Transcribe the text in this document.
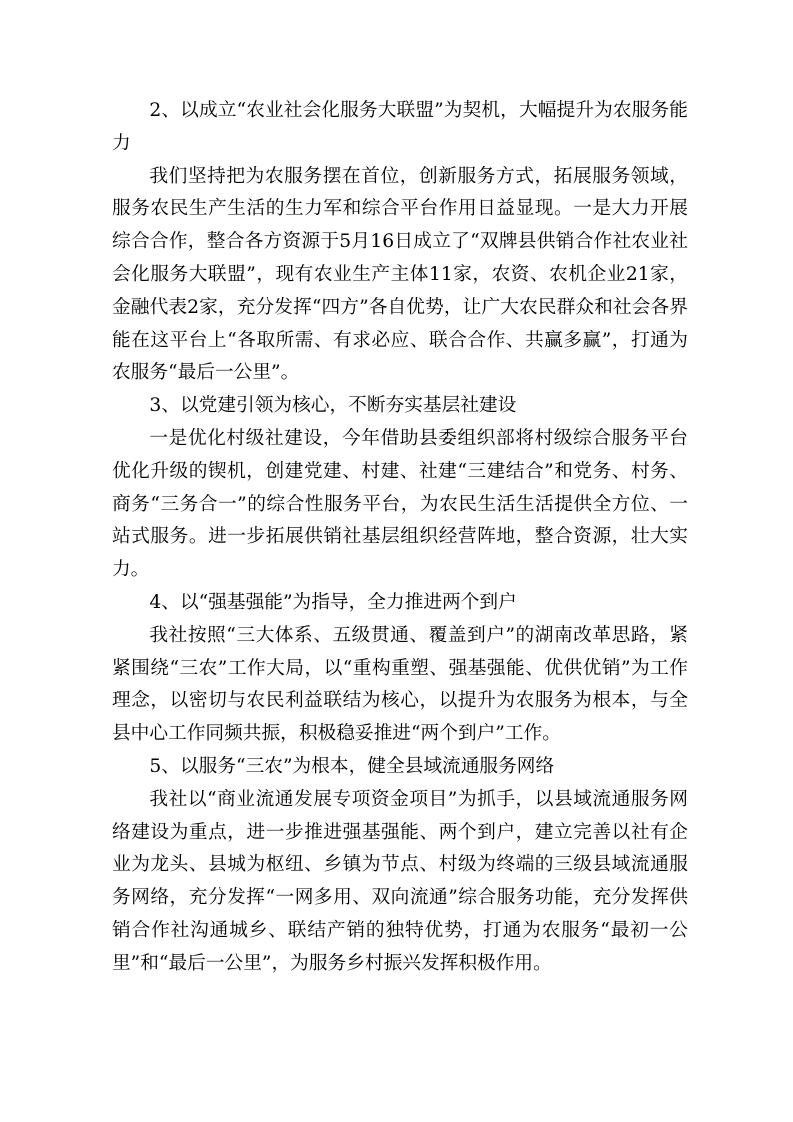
2、以成立“农业社会化服务大联盟”为契机，大幅提升为农服务能力

我们坚持把为农服务摆在首位，创新服务方式，拓展服务领域，服务农民生产生活的生力军和综合平台作用日益显现。一是大力开展综合合作，整合各方资源于5月16日成立了“双牌县供销合作社农业社会化服务大联盟”，现有农业生产主体11家，农资、农机企业21家，金融代表2家，充分发挥“四方”各自优势，让广大农民群众和社会各界能在这平台上“各取所需、有求必应、联合合作、共赢多赢”，打通为农服务“最后一公里”。

3、以党建引领为核心，不断夯实基层社建设

一是优化村级社建设，今年借助县委组织部将村级综合服务平台优化升级的锲机，创建党建、村建、社建“三建结合”和党务、村务、商务“三务合一”的综合性服务平台，为农民生活生活提供全方位、一站式服务。进一步拓展供销社基层组织经营阵地，整合资源，壮大实力。

4、以“强基强能”为指导，全力推进两个到户

我社按照“三大体系、五级贯通、覆盖到户”的湖南改革思路，紧紧围绕“三农”工作大局，以“重构重塑、强基强能、优供优销”为工作理念，以密切与农民利益联结为核心，以提升为农服务为根本，与全县中心工作同频共振，积极稳妥推进“两个到户”工作。

5、以服务“三农”为根本，健全县域流通服务网络

我社以“商业流通发展专项资金项目”为抓手，以县域流通服务网络建设为重点，进一步推进强基强能、两个到户，建立完善以社有企业为龙头、县城为枢纽、乡镇为节点、村级为终端的三级县域流通服务网络，充分发挥“一网多用、双向流通”综合服务功能，充分发挥供销合作社沟通城乡、联结产销的独特优势，打通为农服务“最初一公里”和“最后一公里”，为服务乡村振兴发挥积极作用。
